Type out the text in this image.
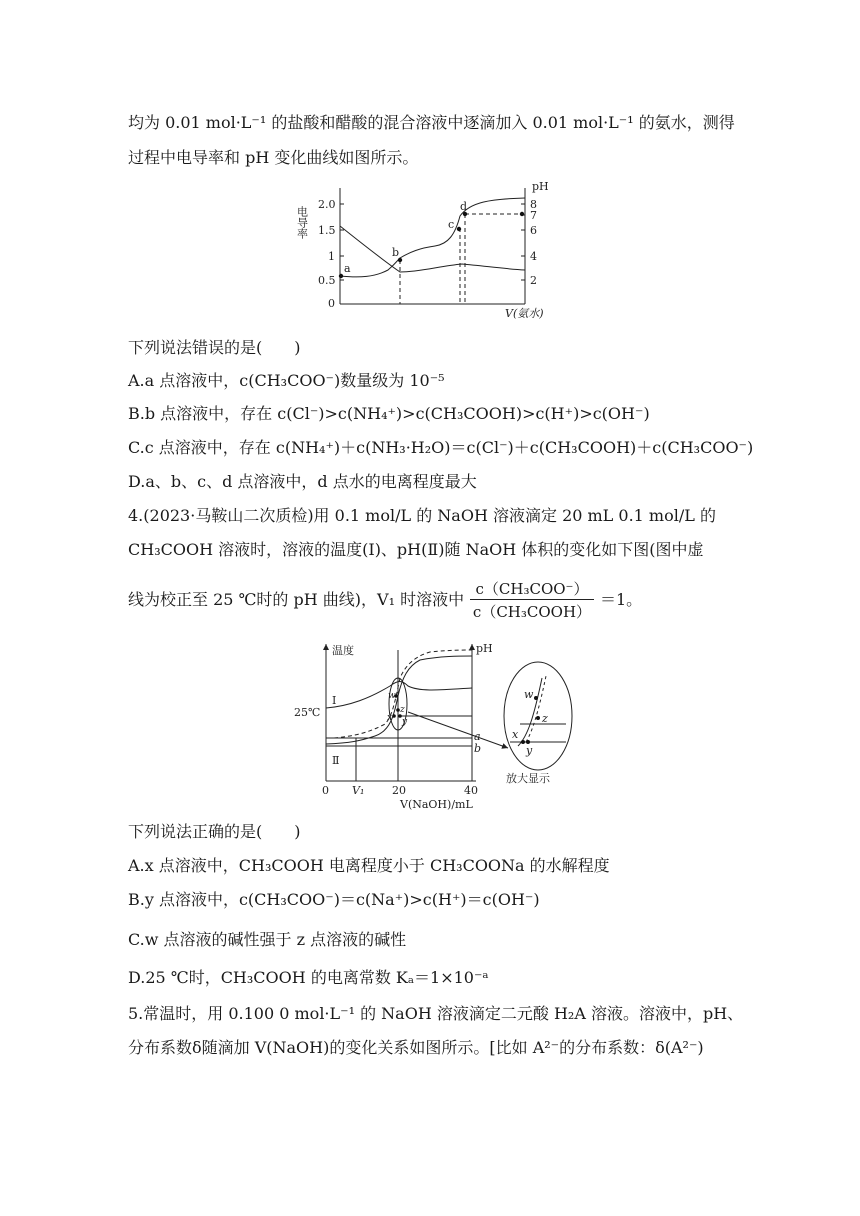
均为 0.01 mol·L⁻¹ 的盐酸和醋酸的混合溶液中逐滴加入 0.01 mol·L⁻¹ 的氨水，测得
过程中电导率和 pH 变化曲线如图所示。
电导率
pH
2.0
1.5
1
0.5
0
8
7
6
4
2
a
b
c
d
V(氨水)
下列说法错误的是(　　)
A.a 点溶液中，c(CH₃COO⁻)数量级为 10⁻⁵
B.b 点溶液中，存在 c(Cl⁻)>c(NH₄⁺)>c(CH₃COOH)>c(H⁺)>c(OH⁻)
C.c 点溶液中，存在 c(NH₄⁺)＋c(NH₃·H₂O)＝c(Cl⁻)＋c(CH₃COOH)＋c(CH₃COO⁻)
D.a、b、c、d 点溶液中，d 点水的电离程度最大
4.(2023·马鞍山二次质检)用 0.1 mol/L 的 NaOH 溶液滴定 20 mL 0.1 mol/L 的
CH₃COOH 溶液时，溶液的温度(Ⅰ)、pH(Ⅱ)随 NaOH 体积的变化如下图(图中虚
线为校正至 25 ℃时的 pH 曲线)，V₁ 时溶液中
c（CH₃COO⁻）
c（CH₃COOH）
＝1。
温度	pH
25℃
Ⅰ
Ⅱ
a
b
0 V₁	20	40
V(NaOH)/mL
w
z
x y
w
z
x
y
放大显示
下列说法正确的是(　　)
A.x 点溶液中，CH₃COOH 电离程度小于 CH₃COONa 的水解程度
B.y 点溶液中，c(CH₃COO⁻)＝c(Na⁺)>c(H⁺)＝c(OH⁻)
C.w 点溶液的碱性强于 z 点溶液的碱性
D.25 ℃时，CH₃COOH 的电离常数 Kₐ＝1×10⁻ᵃ
5.常温时，用 0.100 0 mol·L⁻¹ 的 NaOH 溶液滴定二元酸 H₂A 溶液。溶液中，pH、
分布系数δ随滴加 V(NaOH)的变化关系如图所示。[比如 A²⁻的分布系数：δ(A²⁻)
